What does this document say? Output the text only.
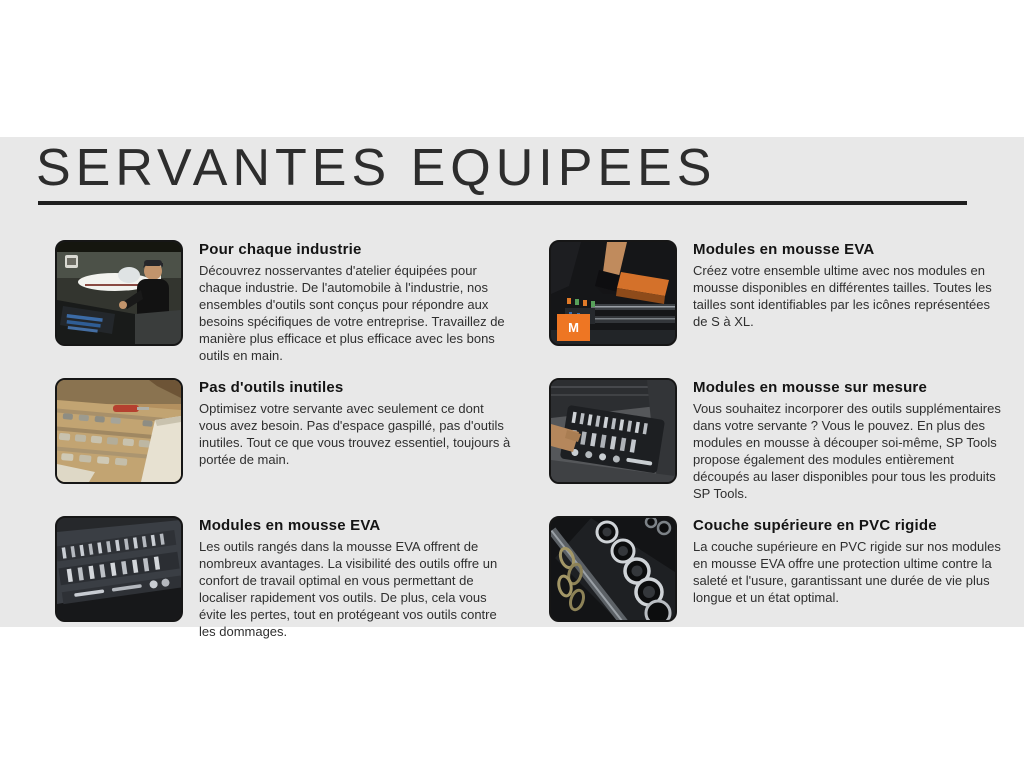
SERVANTES EQUIPEES
Pour chaque industrie

Découvrez nosservantes d'atelier équipées pour chaque industrie. De l'automobile à l'industrie, nos ensembles d'outils sont conçus pour répondre aux besoins spécifiques de votre entreprise. Travaillez de manière plus efficace et plus efficace avec les bons outils en main.

M
Modules en mousse EVA

Créez votre ensemble ultime avec nos modules en mousse disponibles en différentes tailles. Toutes les tailles sont identifiables par les icônes représentées de S à XL.

Pas d'outils inutiles

Optimisez votre servante avec seulement ce dont vous avez besoin. Pas d'espace gaspillé, pas d'outils inutiles. Tout ce que vous trouvez essentiel, toujours à portée de main.

Modules en mousse sur mesure

Vous souhaitez incorporer des outils supplémentaires dans votre servante ? Vous le pouvez. En plus des modules en mousse à découper soi-même, SP Tools propose également des modules entièrement découpés au laser disponibles pour tous les produits SP Tools.

Modules en mousse EVA

Les outils rangés dans la mousse EVA offrent de nombreux avantages. La visibilité des outils offre un confort de travail optimal en vous permettant de localiser rapidement vos outils. De plus, cela vous évite les pertes, tout en protégeant vos outils contre les dommages.

Couche supérieure en PVC rigide

La couche supérieure en PVC rigide sur nos modules en mousse EVA offre une protection ultime contre la saleté et l'usure, garantissant une durée de vie plus longue et un état optimal.
